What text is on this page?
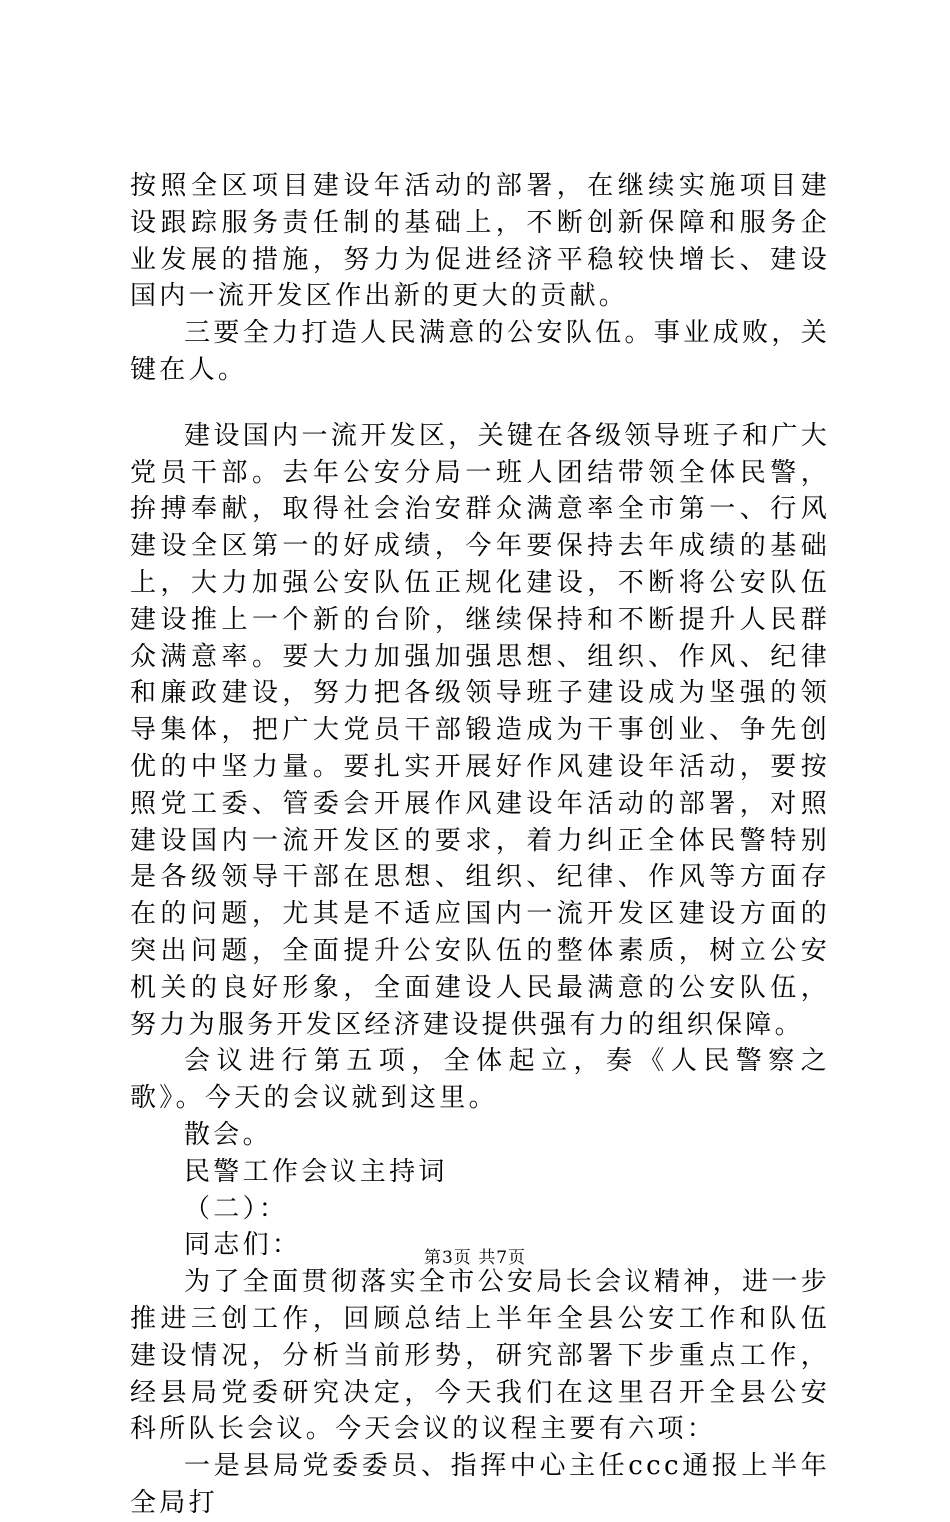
按照全区项目建设年活动的部署，在继续实施项目建设跟踪服务责任制的基础上，不断创新保障和服务企业发展的措施，努力为促进经济平稳较快增长、建设国内一流开发区作出新的更大的贡献。

三要全力打造人民满意的公安队伍。事业成败，关键在人。

建设国内一流开发区，关键在各级领导班子和广大党员干部。去年公安分局一班人团结带领全体民警，拚搏奉献，取得社会治安群众满意率全市第一、行风建设全区第一的好成绩，今年要保持去年成绩的基础上，大力加强公安队伍正规化建设，不断将公安队伍建设推上一个新的台阶，继续保持和不断提升人民群众满意率。要大力加强加强思想、组织、作风、纪律和廉政建设，努力把各级领导班子建设成为坚强的领导集体，把广大党员干部锻造成为干事创业、争先创优的中坚力量。要扎实开展好作风建设年活动，要按照党工委、管委会开展作风建设年活动的部署，对照建设国内一流开发区的要求，着力纠正全体民警特别是各级领导干部在思想、组织、纪律、作风等方面存在的问题，尤其是不适应国内一流开发区建设方面的突出问题，全面提升公安队伍的整体素质，树立公安机关的良好形象，全面建设人民最满意的公安队伍，努力为服务开发区经济建设提供强有力的组织保障。

会议进行第五项，全体起立，奏《人民警察之歌》。今天的会议就到这里。

散会。

民警工作会议主持词

（二）：

同志们：

为了全面贯彻落实全市公安局长会议精神，进一步推进三创工作，回顾总结上半年全县公安工作和队伍建设情况，分析当前形势，研究部署下步重点工作，经县局党委研究决定，今天我们在这里召开全县公安科所队长会议。今天会议的议程主要有六项：

一是县局党委委员、指挥中心主任ccc通报上半年全局打

第3页 共7页
